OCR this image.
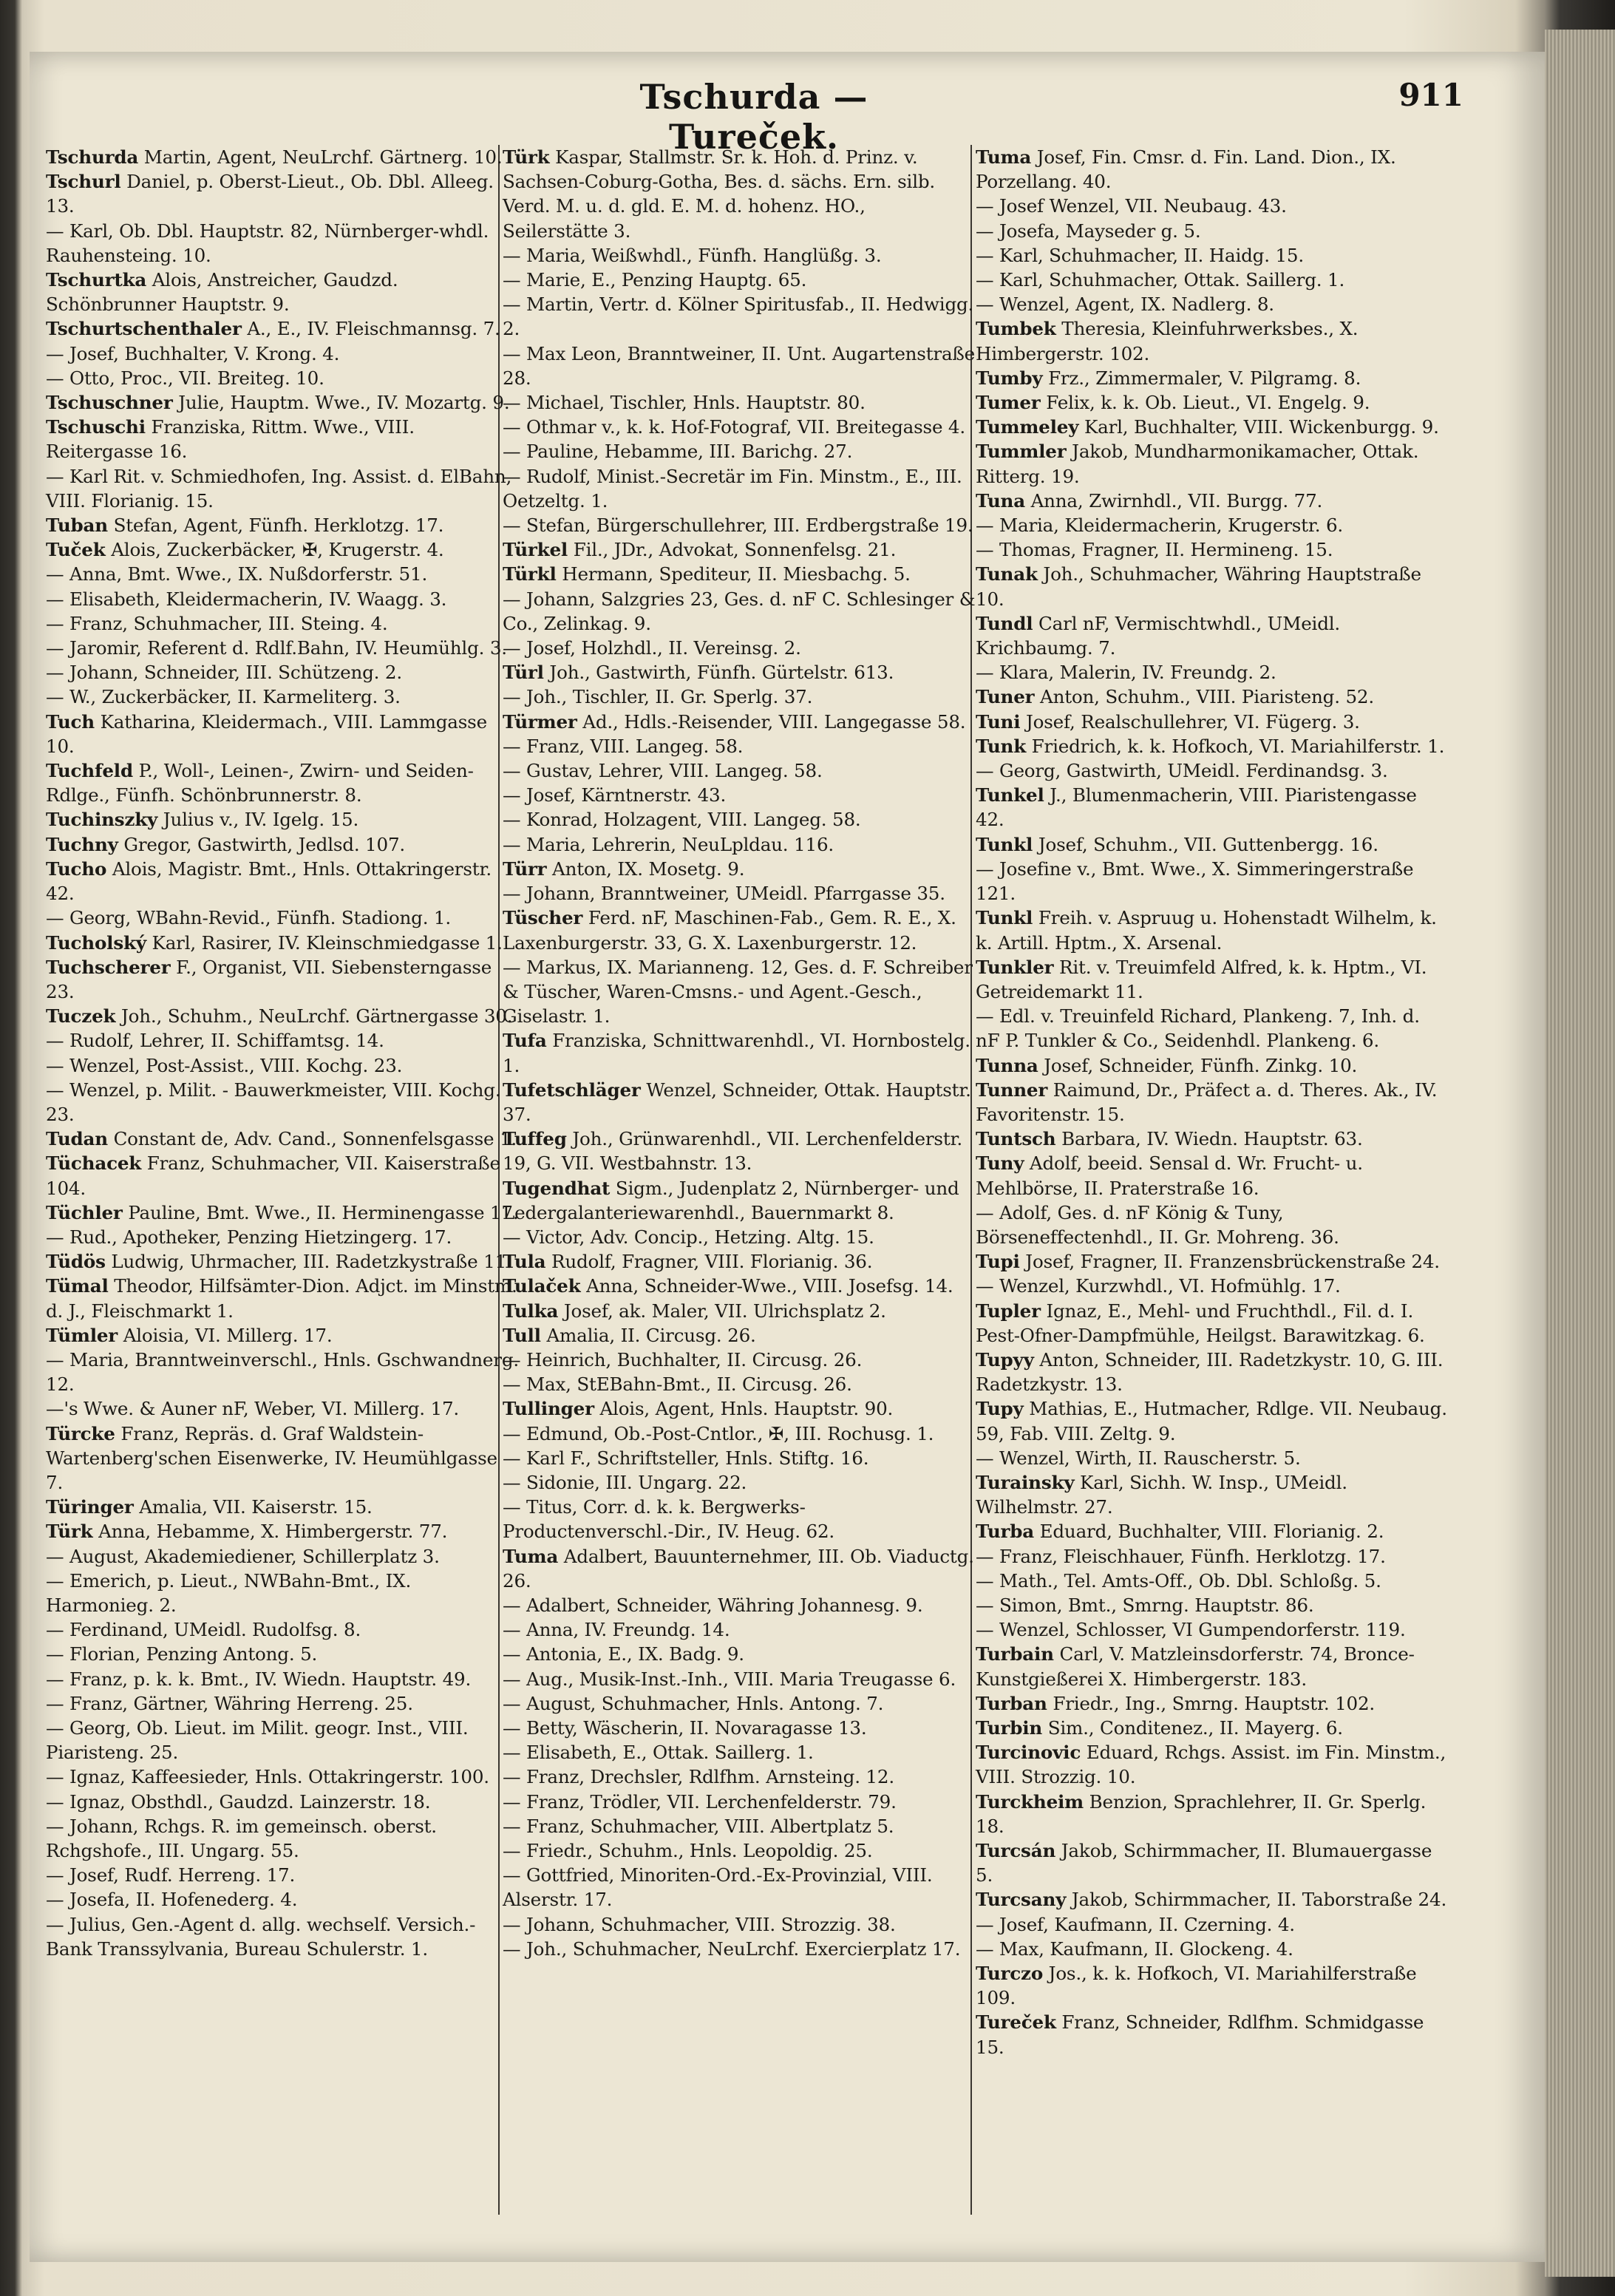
Tschurda — Tureček.
911
Tschurda Martin, Agent, NeuLrchf. Gärtnerg. 10.
Tschurl Daniel, p. Oberst-Lieut., Ob. Dbl. Alleeg. 13.
— Karl, Ob. Dbl. Hauptstr. 82, Nürnberger-whdl. Rauhensteing. 10.
Tschurtka Alois, Anstreicher, Gaudzd. Schönbrunner Hauptstr. 9.
Tschurtschenthaler A., E., IV. Fleischmannsg. 7.
— Josef, Buchhalter, V. Krong. 4.
— Otto, Proc., VII. Breiteg. 10.
Tschuschner Julie, Hauptm. Wwe., IV. Mozartg. 9.
Tschuschi Franziska, Rittm. Wwe., VIII. Reitergasse 16.
— Karl Rit. v. Schmiedhofen, Ing. Assist. d. ElBahn, VIII. Florianig. 15.
Tuban Stefan, Agent, Fünfh. Herklotzg. 17.
Tuček Alois, Zuckerbäcker, ✠, Krugerstr. 4.
— Anna, Bmt. Wwe., IX. Nußdorferstr. 51.
— Elisabeth, Kleidermacherin, IV. Waagg. 3.
— Franz, Schuhmacher, III. Steing. 4.
— Jaromir, Referent d. Rdlf.Bahn, IV. Heumühlg. 3.
— Johann, Schneider, III. Schützeng. 2.
— W., Zuckerbäcker, II. Karmeliterg. 3.
Tuch Katharina, Kleidermach., VIII. Lammgasse 10.
Tuchfeld P., Woll-, Leinen-, Zwirn- und Seiden-Rdlge., Fünfh. Schönbrunnerstr. 8.
Tuchinszky Julius v., IV. Igelg. 15.
Tuchny Gregor, Gastwirth, Jedlsd. 107.
Tucho Alois, Magistr. Bmt., Hnls. Ottakringerstr. 42.
— Georg, WBahn-Revid., Fünfh. Stadiong. 1.
Tucholský Karl, Rasirer, IV. Kleinschmiedgasse 1.
Tuchscherer F., Organist, VII. Siebensterngasse 23.
Tuczek Joh., Schuhm., NeuLrchf. Gärtnergasse 30.
— Rudolf, Lehrer, II. Schiffamtsg. 14.
— Wenzel, Post-Assist., VIII. Kochg. 23.
— Wenzel, p. Milit. - Bauwerkmeister, VIII. Kochg. 23.
Tudan Constant de, Adv. Cand., Sonnenfelsgasse 1.
Tüchacek Franz, Schuhmacher, VII. Kaiserstraße 104.
Tüchler Pauline, Bmt. Wwe., II. Herminengasse 17.
— Rud., Apotheker, Penzing Hietzingerg. 17.
Tüdös Ludwig, Uhrmacher, III. Radetzkystraße 11.
Tümal Theodor, Hilfsämter-Dion. Adjct. im Minstm. d. J., Fleischmarkt 1.
Tümler Aloisia, VI. Millerg. 17.
— Maria, Branntweinverschl., Hnls. Gschwandnerg. 12.
—'s Wwe. & Auner nF, Weber, VI. Millerg. 17.
Türcke Franz, Repräs. d. Graf Waldstein-Wartenberg'schen Eisenwerke, IV. Heumühlgasse 7.
Türinger Amalia, VII. Kaiserstr. 15.
Türk Anna, Hebamme, X. Himbergerstr. 77.
— August, Akademiediener, Schillerplatz 3.
— Emerich, p. Lieut., NWBahn-Bmt., IX. Harmonieg. 2.
— Ferdinand, UMeidl. Rudolfsg. 8.
— Florian, Penzing Antong. 5.
— Franz, p. k. k. Bmt., IV. Wiedn. Hauptstr. 49.
— Franz, Gärtner, Währing Herreng. 25.
— Georg, Ob. Lieut. im Milit. geogr. Inst., VIII. Piaristeng. 25.
— Ignaz, Kaffeesieder, Hnls. Ottakringerstr. 100.
— Ignaz, Obsthdl., Gaudzd. Lainzerstr. 18.
— Johann, Rchgs. R. im gemeinsch. oberst. Rchgshofe., III. Ungarg. 55.
— Josef, Rudf. Herreng. 17.
— Josefa, II. Hofenederg. 4.
— Julius, Gen.-Agent d. allg. wechself. Versich.-Bank Transsylvania, Bureau Schulerstr. 1.
Türk Kaspar, Stallmstr. Sr. k. Hoh. d. Prinz. v. Sachsen-Coburg-Gotha, Bes. d. sächs. Ern. silb. Verd. M. u. d. gld. E. M. d. hohenz. HO., Seilerstätte 3.
— Maria, Weißwhdl., Fünfh. Hanglüßg. 3.
— Marie, E., Penzing Hauptg. 65.
— Martin, Vertr. d. Kölner Spiritusfab., II. Hedwigg. 2.
— Max Leon, Branntweiner, II. Unt. Augartenstraße 28.
— Michael, Tischler, Hnls. Hauptstr. 80.
— Othmar v., k. k. Hof-Fotograf, VII. Breitegasse 4.
— Pauline, Hebamme, III. Barichg. 27.
— Rudolf, Minist.-Secretär im Fin. Minstm., E., III. Oetzeltg. 1.
— Stefan, Bürgerschullehrer, III. Erdbergstraße 19.
Türkel Fil., JDr., Advokat, Sonnenfelsg. 21.
Türkl Hermann, Spediteur, II. Miesbachg. 5.
— Johann, Salzgries 23, Ges. d. nF C. Schlesinger & Co., Zelinkag. 9.
— Josef, Holzhdl., II. Vereinsg. 2.
Türl Joh., Gastwirth, Fünfh. Gürtelstr. 613.
— Joh., Tischler, II. Gr. Sperlg. 37.
Türmer Ad., Hdls.-Reisender, VIII. Langegasse 58.
— Franz, VIII. Langeg. 58.
— Gustav, Lehrer, VIII. Langeg. 58.
— Josef, Kärntnerstr. 43.
— Konrad, Holzagent, VIII. Langeg. 58.
— Maria, Lehrerin, NeuLpldau. 116.
Türr Anton, IX. Mosetg. 9.
— Johann, Branntweiner, UMeidl. Pfarrgasse 35.
Tüscher Ferd. nF, Maschinen-Fab., Gem. R. E., X. Laxenburgerstr. 33, G. X. Laxenburgerstr. 12.
— Markus, IX. Marianneng. 12, Ges. d. F. Schreiber & Tüscher, Waren-Cmsns.- und Agent.-Gesch., Giselastr. 1.
Tufa Franziska, Schnittwarenhdl., VI. Hornbostelg. 1.
Tufetschläger Wenzel, Schneider, Ottak. Hauptstr. 37.
Tuffeg Joh., Grünwarenhdl., VII. Lerchenfelderstr. 19, G. VII. Westbahnstr. 13.
Tugendhat Sigm., Judenplatz 2, Nürnberger- und Ledergalanteriewarenhdl., Bauernmarkt 8.
— Victor, Adv. Concip., Hetzing. Altg. 15.
Tula Rudolf, Fragner, VIII. Florianig. 36.
Tulaček Anna, Schneider-Wwe., VIII. Josefsg. 14.
Tulka Josef, ak. Maler, VII. Ulrichsplatz 2.
Tull Amalia, II. Circusg. 26.
— Heinrich, Buchhalter, II. Circusg. 26.
— Max, StEBahn-Bmt., II. Circusg. 26.
Tullinger Alois, Agent, Hnls. Hauptstr. 90.
— Edmund, Ob.-Post-Cntlor., ✠, III. Rochusg. 1.
— Karl F., Schriftsteller, Hnls. Stiftg. 16.
— Sidonie, III. Ungarg. 22.
— Titus, Corr. d. k. k. Bergwerks-Productenverschl.-Dir., IV. Heug. 62.
Tuma Adalbert, Bauunternehmer, III. Ob. Viaductg. 26.
— Adalbert, Schneider, Währing Johannesg. 9.
— Anna, IV. Freundg. 14.
— Antonia, E., IX. Badg. 9.
— Aug., Musik-Inst.-Inh., VIII. Maria Treugasse 6.
— August, Schuhmacher, Hnls. Antong. 7.
— Betty, Wäscherin, II. Novaragasse 13.
— Elisabeth, E., Ottak. Saillerg. 1.
— Franz, Drechsler, Rdlfhm. Arnsteing. 12.
— Franz, Trödler, VII. Lerchenfelderstr. 79.
— Franz, Schuhmacher, VIII. Albertplatz 5.
— Friedr., Schuhm., Hnls. Leopoldig. 25.
— Gottfried, Minoriten-Ord.-Ex-Provinzial, VIII. Alserstr. 17.
— Johann, Schuhmacher, VIII. Strozzig. 38.
— Joh., Schuhmacher, NeuLrchf. Exercierplatz 17.
Tuma Josef, Fin. Cmsr. d. Fin. Land. Dion., IX. Porzellang. 40.
— Josef Wenzel, VII. Neubaug. 43.
— Josefa, Mayseder g. 5.
— Karl, Schuhmacher, II. Haidg. 15.
— Karl, Schuhmacher, Ottak. Saillerg. 1.
— Wenzel, Agent, IX. Nadlerg. 8.
Tumbek Theresia, Kleinfuhrwerksbes., X. Himbergerstr. 102.
Tumby Frz., Zimmermaler, V. Pilgramg. 8.
Tumer Felix, k. k. Ob. Lieut., VI. Engelg. 9.
Tummeley Karl, Buchhalter, VIII. Wickenburgg. 9.
Tummler Jakob, Mundharmonikamacher, Ottak. Ritterg. 19.
Tuna Anna, Zwirnhdl., VII. Burgg. 77.
— Maria, Kleidermacherin, Krugerstr. 6.
— Thomas, Fragner, II. Hermineng. 15.
Tunak Joh., Schuhmacher, Währing Hauptstraße 10.
Tundl Carl nF, Vermischtwhdl., UMeidl. Krichbaumg. 7.
— Klara, Malerin, IV. Freundg. 2.
Tuner Anton, Schuhm., VIII. Piaristeng. 52.
Tuni Josef, Realschullehrer, VI. Fügerg. 3.
Tunk Friedrich, k. k. Hofkoch, VI. Mariahilferstr. 1.
— Georg, Gastwirth, UMeidl. Ferdinandsg. 3.
Tunkel J., Blumenmacherin, VIII. Piaristengasse 42.
Tunkl Josef, Schuhm., VII. Guttenbergg. 16.
— Josefine v., Bmt. Wwe., X. Simmeringerstraße 121.
Tunkl Freih. v. Aspruug u. Hohenstadt Wilhelm, k. k. Artill. Hptm., X. Arsenal.
Tunkler Rit. v. Treuimfeld Alfred, k. k. Hptm., VI. Getreidemarkt 11.
— Edl. v. Treuinfeld Richard, Plankeng. 7, Inh. d. nF P. Tunkler & Co., Seidenhdl. Plankeng. 6.
Tunna Josef, Schneider, Fünfh. Zinkg. 10.
Tunner Raimund, Dr., Präfect a. d. Theres. Ak., IV. Favoritenstr. 15.
Tuntsch Barbara, IV. Wiedn. Hauptstr. 63.
Tuny Adolf, beeid. Sensal d. Wr. Frucht- u. Mehlbörse, II. Praterstraße 16.
— Adolf, Ges. d. nF König & Tuny, Börseneffectenhdl., II. Gr. Mohreng. 36.
Tupi Josef, Fragner, II. Franzensbrückenstraße 24.
— Wenzel, Kurzwhdl., VI. Hofmühlg. 17.
Tupler Ignaz, E., Mehl- und Fruchthdl., Fil. d. I. Pest-Ofner-Dampfmühle, Heilgst. Barawitzkag. 6.
Tupyy Anton, Schneider, III. Radetzkystr. 10, G. III. Radetzkystr. 13.
Tupy Mathias, E., Hutmacher, Rdlge. VII. Neubaug. 59, Fab. VIII. Zeltg. 9.
— Wenzel, Wirth, II. Rauscherstr. 5.
Turainsky Karl, Sichh. W. Insp., UMeidl. Wilhelmstr. 27.
Turba Eduard, Buchhalter, VIII. Florianig. 2.
— Franz, Fleischhauer, Fünfh. Herklotzg. 17.
— Math., Tel. Amts-Off., Ob. Dbl. Schloßg. 5.
— Simon, Bmt., Smrng. Hauptstr. 86.
— Wenzel, Schlosser, VI Gumpendorferstr. 119.
Turbain Carl, V. Matzleinsdorferstr. 74, Bronce-Kunstgießerei X. Himbergerstr. 183.
Turban Friedr., Ing., Smrng. Hauptstr. 102.
Turbin Sim., Conditenez., II. Mayerg. 6.
Turcinovic Eduard, Rchgs. Assist. im Fin. Minstm., VIII. Strozzig. 10.
Turckheim Benzion, Sprachlehrer, II. Gr. Sperlg. 18.
Turcsán Jakob, Schirmmacher, II. Blumauergasse 5.
Turcsany Jakob, Schirmmacher, II. Taborstraße 24.
— Josef, Kaufmann, II. Czerning. 4.
— Max, Kaufmann, II. Glockeng. 4.
Turczo Jos., k. k. Hofkoch, VI. Mariahilferstraße 109.
Tureček Franz, Schneider, Rdlfhm. Schmidgasse 15.
